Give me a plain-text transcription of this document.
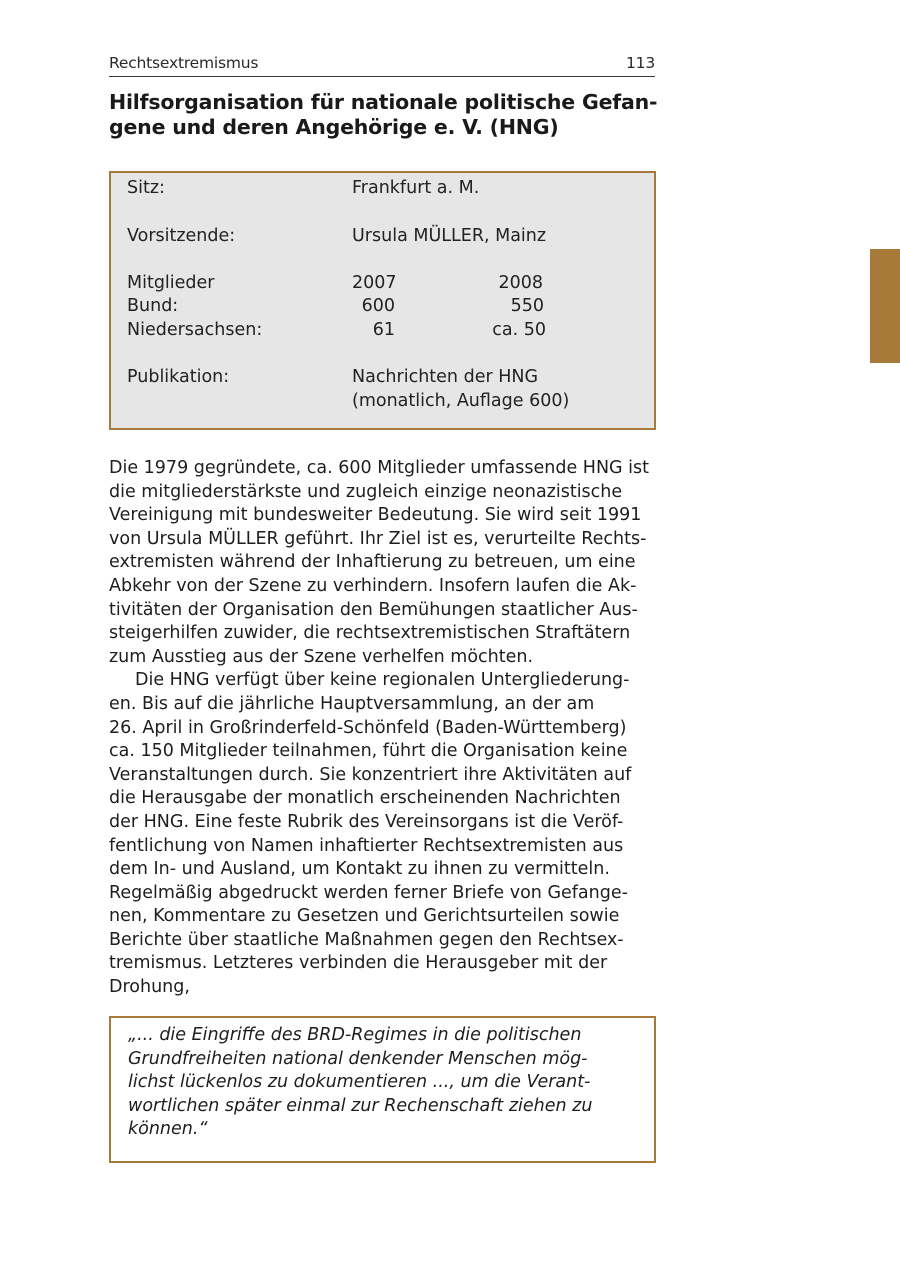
Rechtsextremismus	113
Hilfsorganisation für nationale politische Gefan-
gene und deren Angehörige e. V. (HNG)
Sitz:	Frankfurt a. M.
Vorsitzende:	Ursula MÜLLER, Mainz
Mitglieder	2007	2008
Bund:	600	550
Niedersachsen:	61	ca. 50
Publikation:	Nachrichten der HNG
(monatlich, Auflage 600)
Die 1979 gegründete, ca. 600 Mitglieder umfassende HNG ist
die mitgliederstärkste und zugleich einzige neonazistische
Vereinigung mit bundesweiter Bedeutung. Sie wird seit 1991
von Ursula MÜLLER geführt. Ihr Ziel ist es, verurteilte Rechts-
extremisten während der Inhaftierung zu betreuen, um eine
Abkehr von der Szene zu verhindern. Insofern laufen die Ak-
tivitäten der Organisation den Bemühungen staatlicher Aus-
steigerhilfen zuwider, die rechtsextremistischen Straftätern
zum Ausstieg aus der Szene verhelfen möchten.
Die HNG verfügt über keine regionalen Untergliederung-
en. Bis auf die jährliche Hauptversammlung, an der am
26. April in Großrinderfeld-Schönfeld (Baden-Württemberg)
ca. 150 Mitglieder teilnahmen, führt die Organisation keine
Veranstaltungen durch. Sie konzentriert ihre Aktivitäten auf
die Herausgabe der monatlich erscheinenden Nachrichten
der HNG. Eine feste Rubrik des Vereinsorgans ist die Veröf-
fentlichung von Namen inhaftierter Rechtsextremisten aus
dem In- und Ausland, um Kontakt zu ihnen zu vermitteln.
Regelmäßig abgedruckt werden ferner Briefe von Gefange-
nen, Kommentare zu Gesetzen und Gerichtsurteilen sowie
Berichte über staatliche Maßnahmen gegen den Rechtsex-
tremismus. Letzteres verbinden die Herausgeber mit der
Drohung,
„... die Eingriffe des BRD-Regimes in die politischen
Grundfreiheiten national denkender Menschen mög-
lichst lückenlos zu dokumentieren ..., um die Verant-
wortlichen später einmal zur Rechenschaft ziehen zu
können.“
